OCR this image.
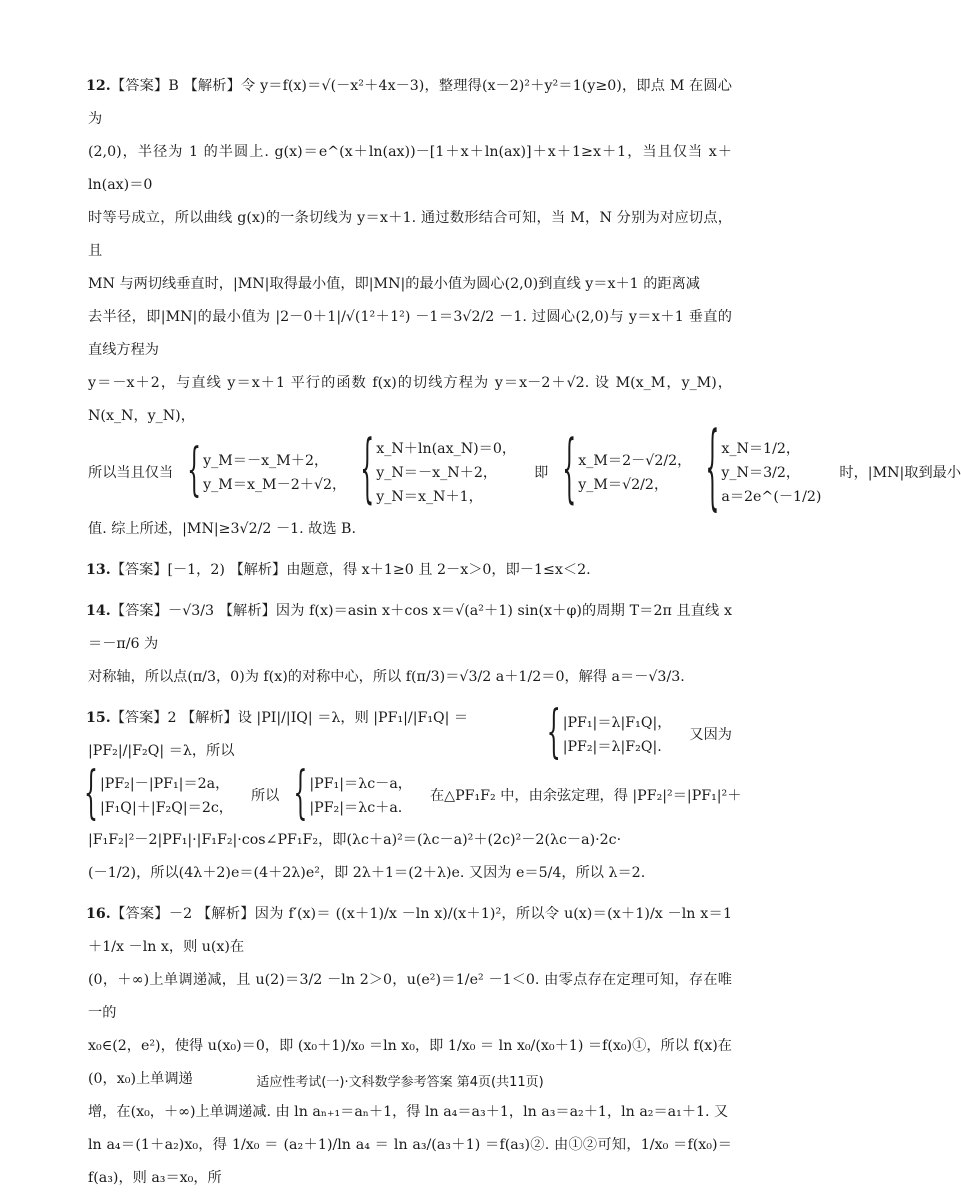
12.【答案】B 【解析】令 y＝f(x)＝√(－x²＋4x－3)，整理得(x－2)²＋y²＝1(y≥0)，即点 M 在圆心为
(2,0)，半径为 1 的半圆上. g(x)＝e^(x＋ln(ax))－[1＋x＋ln(ax)]＋x＋1≥x＋1，当且仅当 x＋ln(ax)＝0
时等号成立，所以曲线 g(x)的一条切线为 y＝x＋1. 通过数形结合可知，当 M，N 分别为对应切点，且
MN 与两切线垂直时，|MN|取得最小值，即|MN|的最小值为圆心(2,0)到直线 y＝x＋1 的距离减
去半径，即|MN|的最小值为 |2－0＋1|/√(1²＋1²) －1＝3√2/2 －1. 过圆心(2,0)与 y＝x＋1 垂直的直线方程为
y＝－x＋2，与直线 y＝x＋1 平行的函数 f(x)的切线方程为 y＝x－2＋√2. 设 M(x_M，y_M)，N(x_N，y_N)，

所以当且仅当
{ y_M＝－x_M＋2，
y_M＝x_M－2＋√2，
{ x_N＋ln(ax_N)＝0，
y_N＝－x_N＋2，
y_N＝x_N＋1，
即
{ x_M＝2－√2/2，
y_M＝√2/2，
{ x_N＝1/2，
y_N＝3/2，
a＝2e^(－1/2)
时，|MN|取到最小

值. 综上所述，|MN|≥3√2/2 －1. 故选 B.

13.【答案】[－1，2) 【解析】由题意，得 x＋1≥0 且 2－x＞0，即－1≤x＜2.

14.【答案】－√3/3 【解析】因为 f(x)＝asin x＋cos x＝√(a²＋1) sin(x＋φ)的周期 T＝2π 且直线 x＝－π/6 为
对称轴，所以点(π/3，0)为 f(x)的对称中心，所以 f(π/3)＝√3/2 a＋1/2＝0，解得 a＝－√3/3.

15.【答案】2 【解析】设 |PI|/|IQ| ＝λ，则 |PF₁|/|F₁Q| ＝ |PF₂|/|F₂Q| ＝λ，所以
{ |PF₁|＝λ|F₁Q|，
|PF₂|＝λ|F₂Q|.
又因为
{ |PF₂|－|PF₁|＝2a，
|F₁Q|＋|F₂Q|＝2c，
所以
{ |PF₁|＝λc－a，
|PF₂|＝λc＋a.
在△PF₁F₂ 中，由余弦定理，得 |PF₂|²＝|PF₁|²＋

|F₁F₂|²－2|PF₁|·|F₁F₂|·cos∠PF₁F₂，即(λc＋a)²＝(λc－a)²＋(2c)²－2(λc－a)·2c·
(－1/2)，所以(4λ＋2)e＝(4＋2λ)e²，即 2λ＋1＝(2＋λ)e. 又因为 e＝5/4，所以 λ＝2.

16.【答案】－2 【解析】因为 f′(x)＝ ((x＋1)/x －ln x)/(x＋1)²，所以令 u(x)＝(x＋1)/x －ln x＝1＋1/x －ln x，则 u(x)在
(0，＋∞)上单调递减，且 u(2)＝3/2 －ln 2＞0，u(e²)＝1/e² －1＜0. 由零点存在定理可知，存在唯一的
x₀∈(2，e²)，使得 u(x₀)＝0，即 (x₀＋1)/x₀ ＝ln x₀，即 1/x₀ ＝ ln x₀/(x₀＋1) ＝f(x₀)①，所以 f(x)在(0，x₀)上单调递
增，在(x₀，＋∞)上单调递减. 由 ln aₙ₊₁＝aₙ＋1，得 ln a₄＝a₃＋1，ln a₃＝a₂＋1，ln a₂＝a₁＋1. 又
ln a₄＝(1＋a₂)x₀，得 1/x₀ ＝ (a₂＋1)/ln a₄ ＝ ln a₃/(a₃＋1) ＝f(a₃)②. 由①②可知，1/x₀ ＝f(x₀)＝f(a₃)，则 a₃＝x₀，所

适应性考试(一)·文科数学参考答案 第4页(共11页)
